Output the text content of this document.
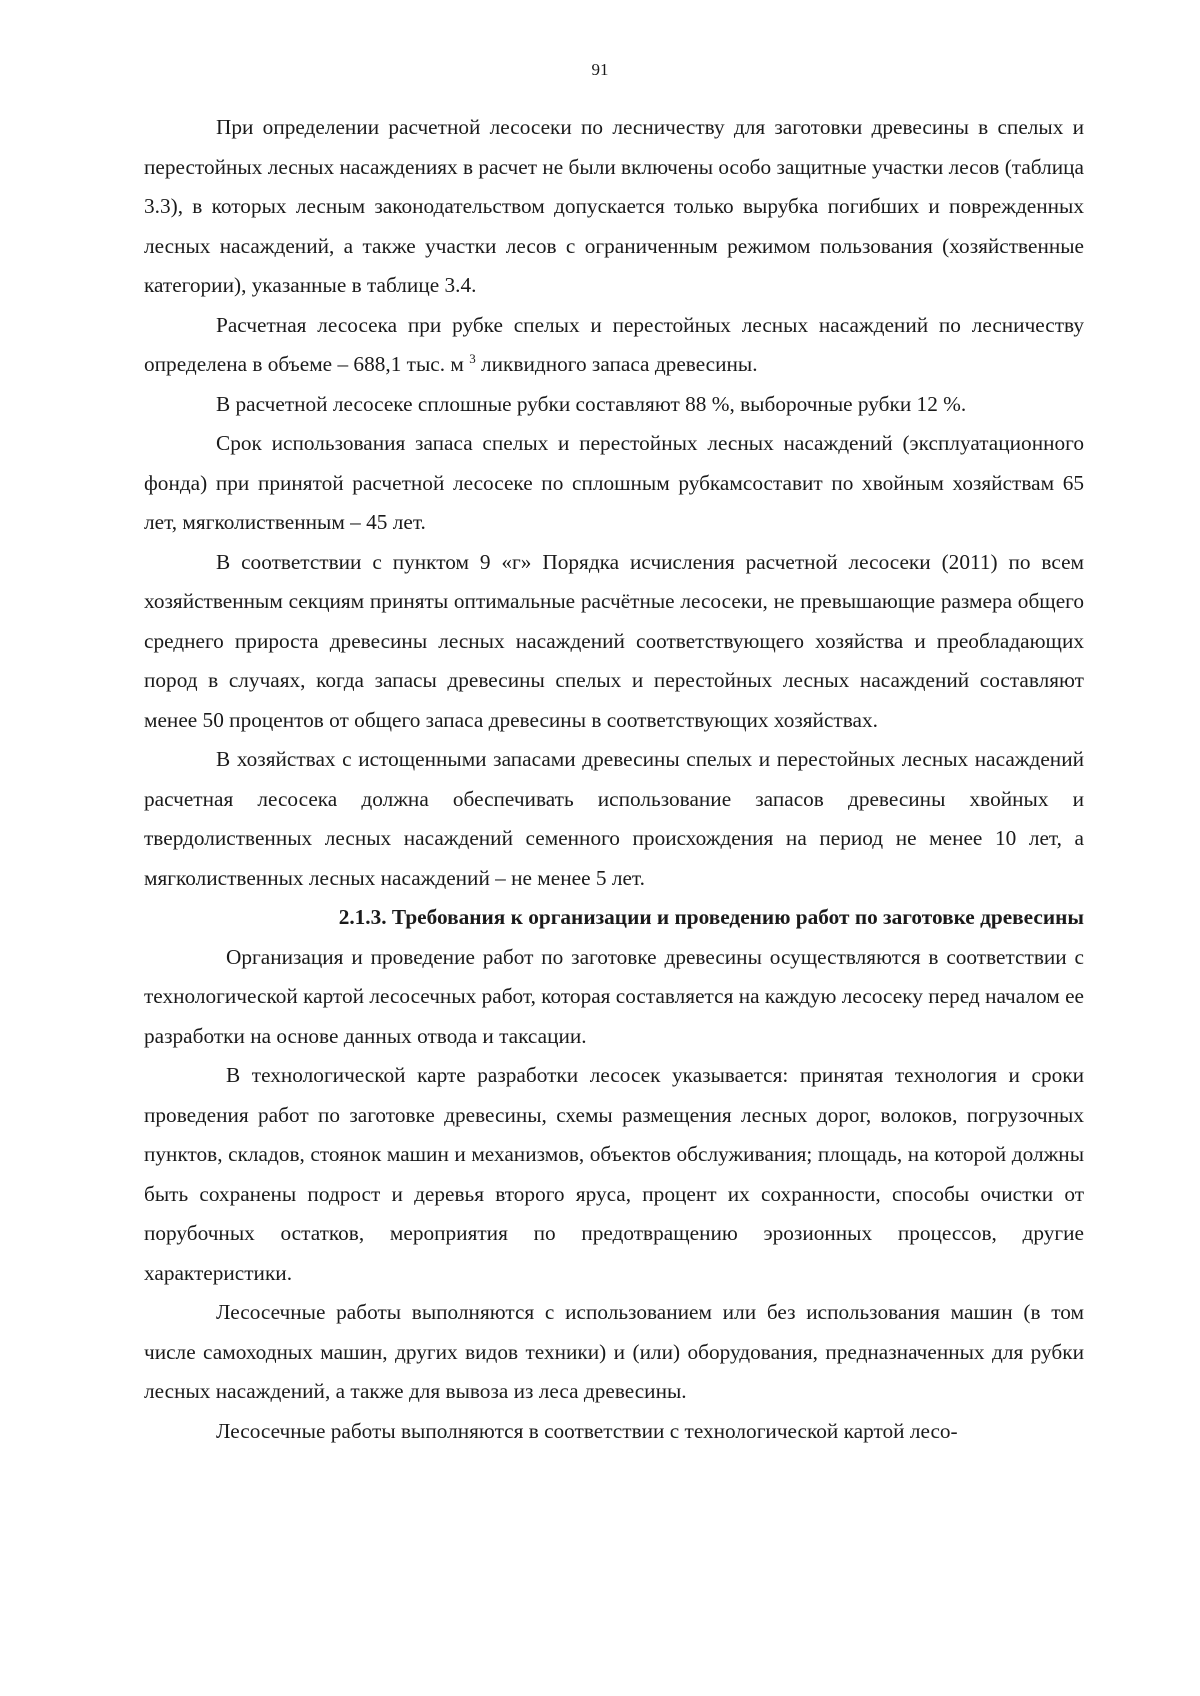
91

При определении расчетной лесосеки по лесничеству для заготовки древесины в спелых и перестойных лесных насаждениях в расчет не были включены особо защитные участки лесов (таблица 3.3), в которых лесным законодательством допускается только вырубка погибших и поврежденных лесных насаждений, а также участки лесов с ограниченным режимом пользования (хозяйственные категории), указанные в таблице 3.4.

Расчетная лесосека при рубке спелых и перестойных лесных насаждений по лесничеству определена в объеме – 688,1 тыс. м $^3$ ликвидного запаса древесины.

В расчетной лесосеке сплошные рубки составляют 88 %, выборочные рубки 12 %.

Срок использования запаса спелых и перестойных лесных насаждений (эксплуатационного фонда) при принятой расчетной лесосеке по сплошным рубкамсоставит по хвойным хозяйствам 65 лет, мягколиственным – 45 лет.

В соответствии с пунктом 9 «г» Порядка исчисления расчетной лесосеки (2011) по всем хозяйственным секциям приняты оптимальные расчётные лесосеки, не превышающие размера общего среднего прироста древесины лесных насаждений соответствующего хозяйства и преобладающих пород в случаях, когда запасы древесины спелых и перестойных лесных насаждений составляют менее 50 процентов от общего запаса древесины в соответствующих хозяйствах.

В хозяйствах с истощенными запасами древесины спелых и перестойных лесных насаждений расчетная лесосека должна обеспечивать использование запасов древесины хвойных и твердолиственных лесных насаждений семенного происхождения на период не менее 10 лет, а мягколиственных лесных насаждений – не менее 5 лет.

2.1.3. Требования к организации и проведению работ по заготовке древесины

Организация и проведение работ по заготовке древесины осуществляются в соответствии с технологической картой лесосечных работ, которая составляется на каждую лесосеку перед началом ее разработки на основе данных отвода и таксации.

В технологической карте разработки лесосек указывается: принятая технология и сроки проведения работ по заготовке древесины, схемы размещения лесных дорог, волоков, погрузочных пунктов, складов, стоянок машин и механизмов, объектов обслуживания; площадь, на которой должны быть сохранены подрост и деревья второго яруса, процент их сохранности, способы очистки от порубочных остатков, мероприятия по предотвращению эрозионных процессов, другие характеристики.

Лесосечные работы выполняются с использованием или без использования машин (в том числе самоходных машин, других видов техники) и (или) оборудования, предназначенных для рубки лесных насаждений, а также для вывоза из леса древесины.

Лесосечные работы выполняются в соответствии с технологической картой лесо-
